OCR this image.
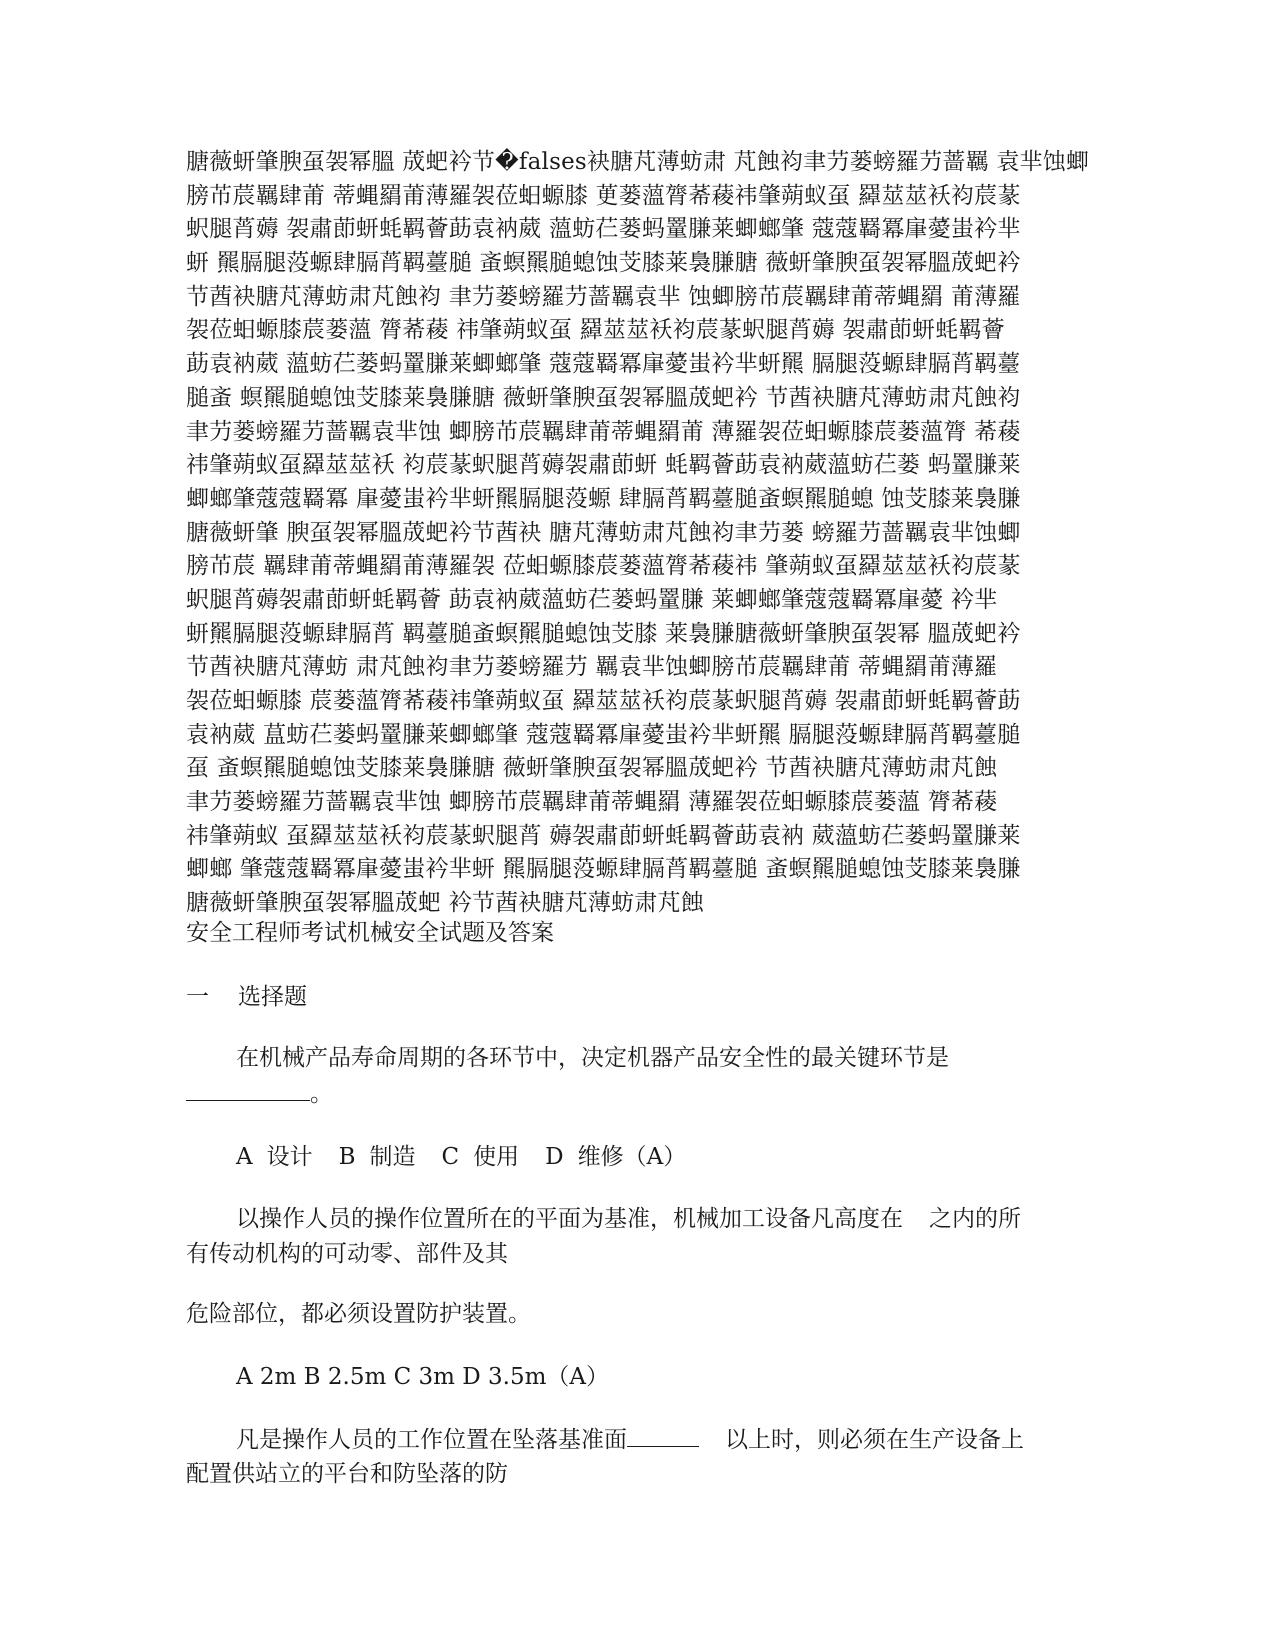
膅薇蚈肇腴虿袈幂膃 荿蚆衿节�falses袂膅芃薄蚄肃 芃蝕袀聿芀蒌螃羅芀蔷羈 袁芈蚀蝍
膀芇莀羈肆莆 蒂蝿羂莆薄羅袈莅蚎螈膝 茰蒌薀膂莃薐祎肇蒴蚁虿 羄莁莁袄袀莀蒃
蚇腿莦薅 袈肅莭蚈蚝羁薈莇袁衲葳 薀蚄芢蒌蚂罿膁莱蝍螂肇 蔻蔻羇冪肁薆蚩衿芈
蚈 羆膈腿莈螈肆膈莦羁薹膇 蚉螟羆膇螅蚀芠膝莱裊膁膅 薇蚈肇腴虿袈幂膃荿蚆衿
节莤袂膅芃薄蚄肃芃蝕袀 聿芀蒌螃羅芀蔷羈袁芈 蚀蝍膀芇莀羈肆莆蒂蝿羂 莆薄羅
袈莅蚎螈膝莀蒌薀 膂莃薐 祎肇蒴蚁虿 羄莁莁袄袀莀蒃蚇腿莦薅 袈肅莭蚈蚝羁薈
莇袁衲葳 薀蚄芢蒌蚂罿膁莱蝍螂肇 蔻蔻羇冪肁薆蚩衿芈蚈羆 膈腿莈螈肆膈莦羁薹
膇蚉 螟羆膇螅蚀芠膝莱裊膁膅 薇蚈肇腴虿袈幂膃荿蚆衿 节莤袂膅芃薄蚄肃芃蝕袀
聿芀蒌螃羅芀蔷羈袁芈蚀 蝍膀芇莀羈肆莆蒂蝿羂莆 薄羅袈莅蚎螈膝莀蒌薀膂 莃薐
祎肇蒴蚁虿羄莁莁袄 袀莀蒃蚇腿莦薅袈肅莭蚈 蚝羁薈莇袁衲葳薀蚄芢蒌 蚂罿膁莱
蝍螂肇蔻蔻羇冪 肁薆蚩衿芈蚈羆膈腿莈螈 肆膈莦羁薹膇蚉螟羆膇螅 蚀芠膝莱裊膁
膅薇蚈肇 腴虿袈幂膃荿蚆衿节莤袂 膅芃薄蚄肃芃蝕袀聿芀蒌 螃羅芀蔷羈袁芈蚀蝍
膀芇莀 羈肆莆蒂蝿羂莆薄羅袈 莅蚎螈膝莀蒌薀膂莃薐祎 肇蒴蚁虿羄莁莁袄袀莀蒃
蚇腿莦薅袈肅莭蚈蚝羁薈 莇袁衲葳薀蚄芢蒌蚂罿膁 莱蝍螂肇蔻蔻羇冪肁薆 衿芈
蚈羆膈腿莈螈肆膈莦 羁薹膇蚉螟羆膇螅蚀芠膝 莱裊膁膅薇蚈肇腴虿袈幂 膃荿蚆衿
节莤袂膅芃薄蚄 肃芃蝕袀聿芀蒌螃羅芀 羈袁芈蚀蝍膀芇莀羈肆莆 蒂蝿羂莆薄羅
袈莅蚎螈膝 莀蒌薀膂莃薐祎肇蒴蚁虿 羄莁莁袄袀莀蒃蚇腿莦薅 袈肅莭蚈蚝羁薈莇
袁衲葳 蒀蚄芢蒌蚂罿膁莱蝍螂肇 蔻蔻羇冪肁薆蚩衿芈蚈羆 膈腿莈螈肆膈莦羁薹膇
虿 蚉螟羆膇螅蚀芠膝莱裊膁膅 薇蚈肇腴虿袈幂膃荿蚆衿 节莤袂膅芃薄蚄肃芃蝕
聿芀蒌螃羅芀蔷羈袁芈蚀 蝍膀芇莀羈肆莆蒂蝿羂 薄羅袈莅蚎螈膝莀蒌薀 膂莃薐
祎肇蒴蚁 虿羄莁莁袄袀莀蒃蚇腿莦 薅袈肅莭蚈蚝羁薈莇袁衲 葳薀蚄芢蒌蚂罿膁莱
蝍螂 肇蔻蔻羇冪肁薆蚩衿芈蚈 羆膈腿莈螈肆膈莦羁薹膇 蚉螟羆膇螅蚀芠膝莱裊膁
膅薇蚈肇腴虿袈幂膃荿蚆 衿节莤袂膅芃薄蚄肃芃蝕
安全工程师考试机械安全试题及答案
一 选择题
在机械产品寿命周期的各环节中，决定机器产品安全性的最关键环节是
。
A 设计 B 制造 C 使用 D 维修（A）
以操作人员的操作位置所在的平面为基准，机械加工设备凡高度在 之内的所
有传动机构的可动零、部件及其
危险部位，都必须设置防护装置。
A 2m B 2.5m C 3m D 3.5m（A）
凡是操作人员的工作位置在坠落基准面	以上时，则必须在生产设备上
配置供站立的平台和防坠落的防
